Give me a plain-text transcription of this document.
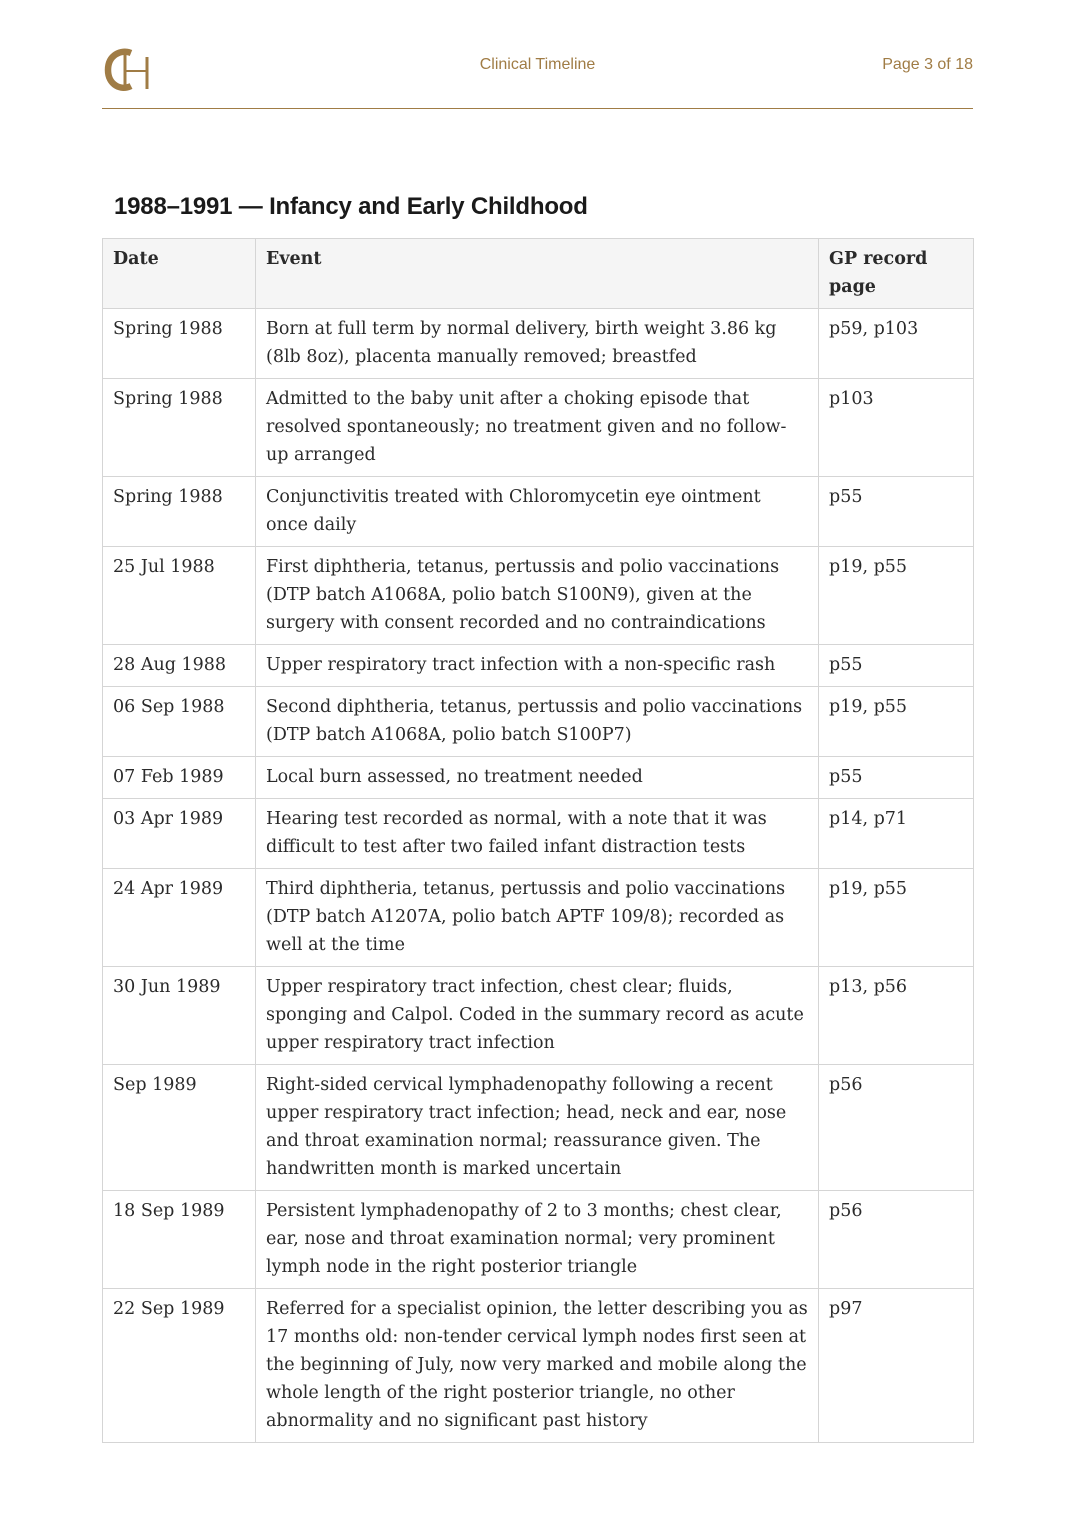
Clinical Timeline	Page 3 of 18
1988–1991 — Infancy and Early Childhood
Date	Event	GP record page
Spring 1988	Born at full term by normal delivery, birth weight 3.86 kg (8lb 8oz), placenta manually removed; breastfed	p59, p103
Spring 1988	Admitted to the baby unit after a choking episode that resolved spontaneously; no treatment given and no follow-up arranged	p103
Spring 1988	Conjunctivitis treated with Chloromycetin eye ointment once daily	p55
25 Jul 1988	First diphtheria, tetanus, pertussis and polio vaccinations (DTP batch A1068A, polio batch S100N9), given at the surgery with consent recorded and no contraindications	p19, p55
28 Aug 1988	Upper respiratory tract infection with a non-specific rash	p55
06 Sep 1988	Second diphtheria, tetanus, pertussis and polio vaccinations (DTP batch A1068A, polio batch S100P7)	p19, p55
07 Feb 1989	Local burn assessed, no treatment needed	p55
03 Apr 1989	Hearing test recorded as normal, with a note that it was difficult to test after two failed infant distraction tests	p14, p71
24 Apr 1989	Third diphtheria, tetanus, pertussis and polio vaccinations (DTP batch A1207A, polio batch APTF 109/8); recorded as well at the time	p19, p55
30 Jun 1989	Upper respiratory tract infection, chest clear; fluids, sponging and Calpol. Coded in the summary record as acute upper respiratory tract infection	p13, p56
Sep 1989	Right-sided cervical lymphadenopathy following a recent upper respiratory tract infection; head, neck and ear, nose and throat examination normal; reassurance given. The handwritten month is marked uncertain	p56
18 Sep 1989	Persistent lymphadenopathy of 2 to 3 months; chest clear, ear, nose and throat examination normal; very prominent lymph node in the right posterior triangle	p56
22 Sep 1989	Referred for a specialist opinion, the letter describing you as 17 months old: non-tender cervical lymph nodes first seen at the beginning of July, now very marked and mobile along the whole length of the right posterior triangle, no other abnormality and no significant past history	p97
